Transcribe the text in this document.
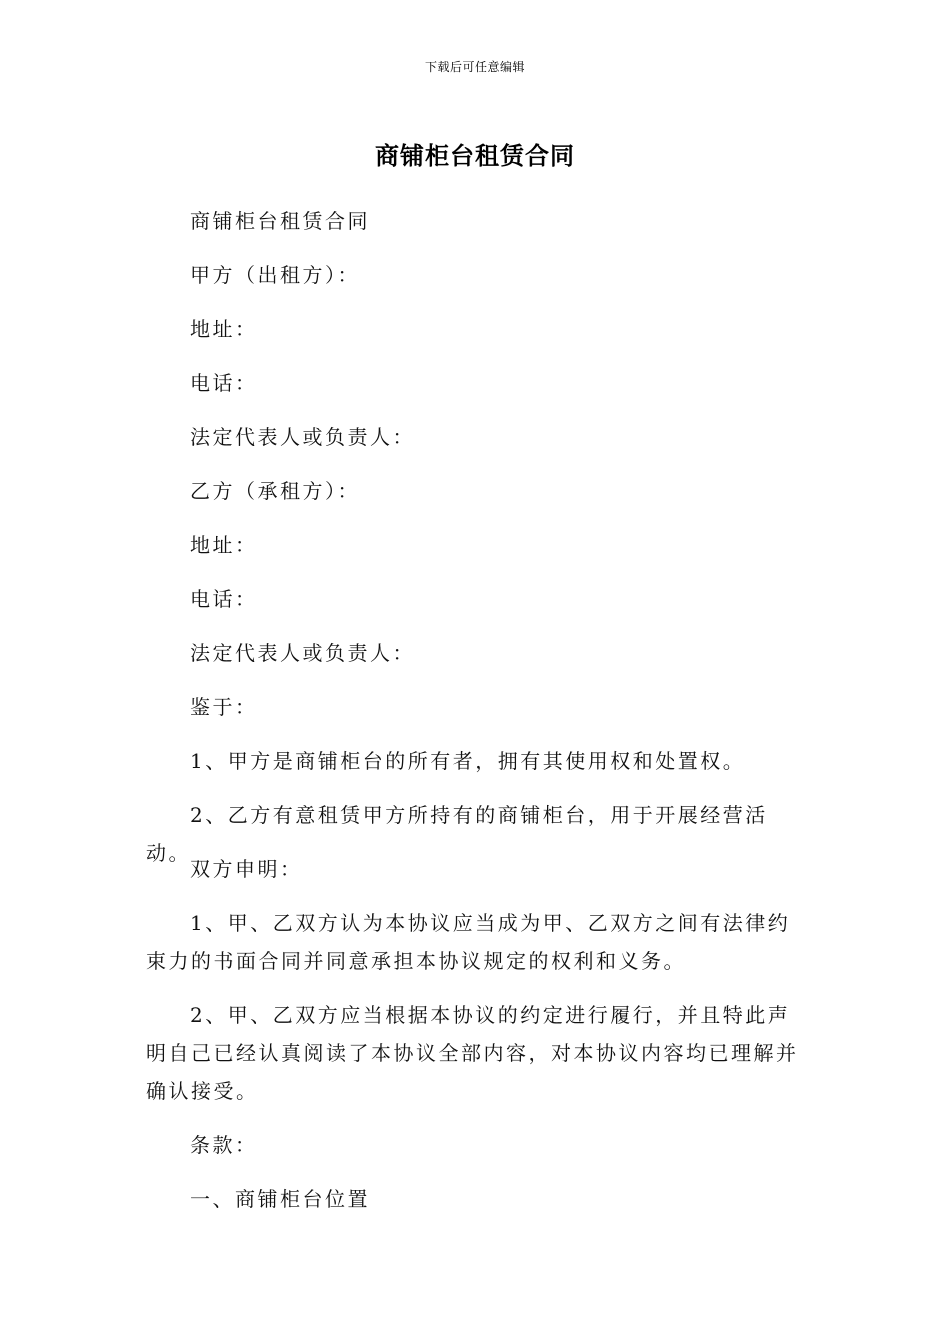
下载后可任意编辑
商铺柜台租赁合同

商铺柜台租赁合同

甲方（出租方）：

地址：

电话：

法定代表人或负责人：

乙方（承租方）：

地址：

电话：

法定代表人或负责人：

鉴于：

1、甲方是商铺柜台的所有者，拥有其使用权和处置权。

2、乙方有意租赁甲方所持有的商铺柜台，用于开展经营活动。

双方申明：

1、甲、乙双方认为本协议应当成为甲、乙双方之间有法律约束力的书面合同并同意承担本协议规定的权利和义务。

2、甲、乙双方应当根据本协议的约定进行履行，并且特此声明自己已经认真阅读了本协议全部内容，对本协议内容均已理解并确认接受。

条款：

一、商铺柜台位置
